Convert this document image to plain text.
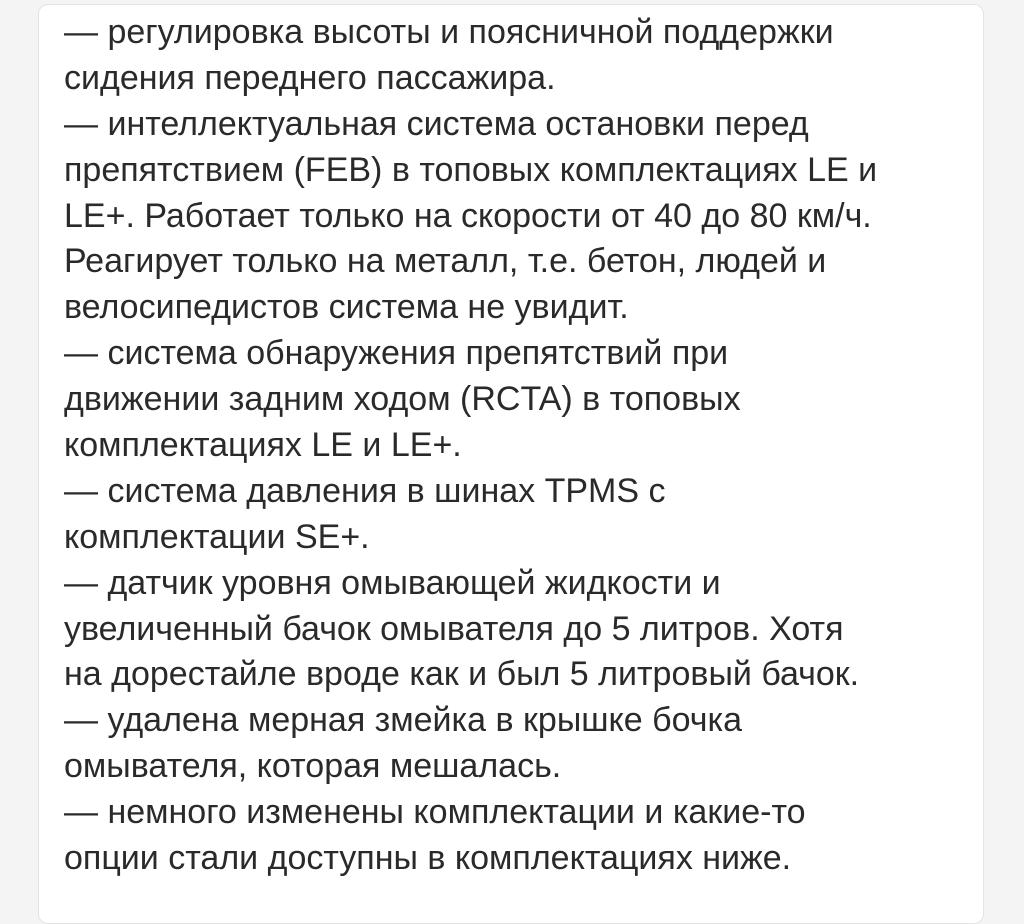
— регулировка высоты и поясничной поддержки
сидения переднего пассажира.
— интеллектуальная система остановки перед
препятствием (FEB) в топовых комплектациях LE и
LE+. Работает только на скорости от 40 до 80 км/ч.
Реагирует только на металл, т.е. бетон, людей и
велосипедистов система не увидит.
— система обнаружения препятствий при
движении задним ходом (RCTA) в топовых
комплектациях LE и LE+.
— система давления в шинах TPMS с
комплектации SE+.
— датчик уровня омывающей жидкости и
увеличенный бачок омывателя до 5 литров. Хотя
на дорестайле вроде как и был 5 литровый бачок.
— удалена мерная змейка в крышке бочка
омывателя, которая мешалась.
— немного изменены комплектации и какие-то
опции стали доступны в комплектациях ниже.
